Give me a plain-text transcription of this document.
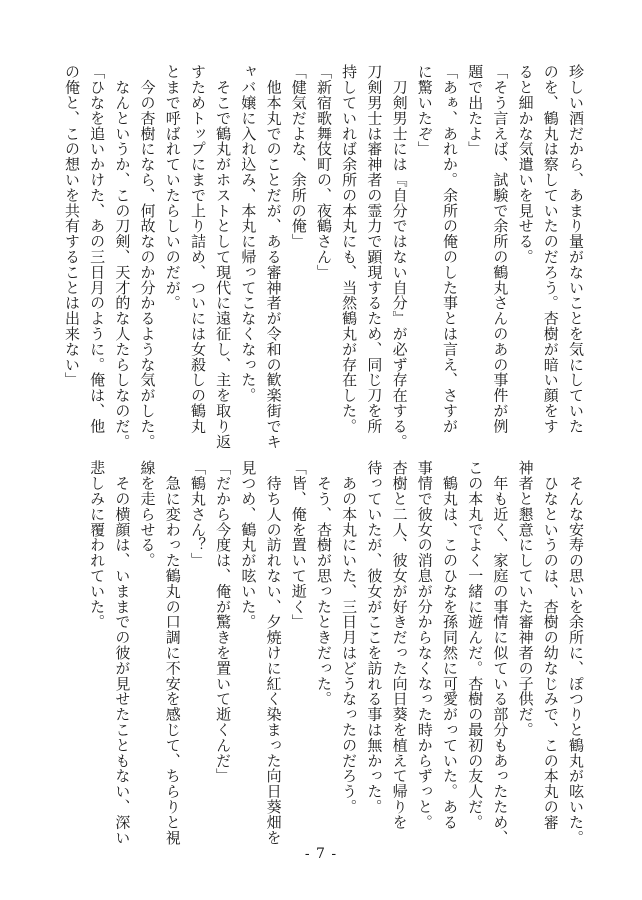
珍しい酒だから、あまり量がないことを気にしていた
のを、鶴丸は察していたのだろう。杏樹が暗い顔をす
ると細かな気遣いを見せる。
「そう言えば、試験で余所の鶴丸さんのあの事件が例
題で出たよ」
「あぁ、あれか。余所の俺のした事とは言え、さすが
に驚いたぞ」
　刀剣男士には『自分ではない自分』が必ず存在する。
刀剣男士は審神者の霊力で顕現するため、同じ刀を所
持していれば余所の本丸にも、当然鶴丸が存在した。
「新宿歌舞伎町の、夜鶴さん」
「健気だよな、余所の俺」
　他本丸でのことだが、ある審神者が令和の歓楽街でキ
ャバ嬢に入れ込み、本丸に帰ってこなくなった。
　そこで鶴丸がホストとして現代に遠征し、主を取り返
すためトップにまで上り詰め、ついには女殺しの鶴丸
とまで呼ばれていたらしいのだが。
　今の杏樹になら、何故なのか分かるような気がした。
　なんというか、この刀剣、天才的な人たらしなのだ。
「ひなを追いかけた、あの三日月のように。俺は、他
の俺と、この想いを共有することは出来ない」
　そんな安寿の思いを余所に、ぽつりと鶴丸が呟いた。
　ひなというのは、杏樹の幼なじみで、この本丸の審
神者と懇意にしていた審神者の子供だ。
　年も近く、家庭の事情に似ている部分もあったため、
この本丸でよく一緒に遊んだ。杏樹の最初の友人だ。
　鶴丸は、このひなを孫同然に可愛がっていた。ある
事情で彼女の消息が分からなくなった時からずっと。
杏樹と二人、彼女が好きだった向日葵を植えて帰りを
待っていたが、彼女がここを訪れる事は無かった。
　あの本丸にいた、三日月はどうなったのだろう。
　そう、杏樹が思ったときだった。
「皆、俺を置いて逝く」
　待ち人の訪れない、夕焼けに紅く染まった向日葵畑を
見つめ、鶴丸が呟いた。
「だから今度は、俺が驚きを置いて逝くんだ」
「鶴丸さん？」
　急に変わった鶴丸の口調に不安を感じて、ちらりと視
線を走らせる。
　その横顔は、いままでの彼が見せたこともない、深い
悲しみに覆われていた。
- 7 -
